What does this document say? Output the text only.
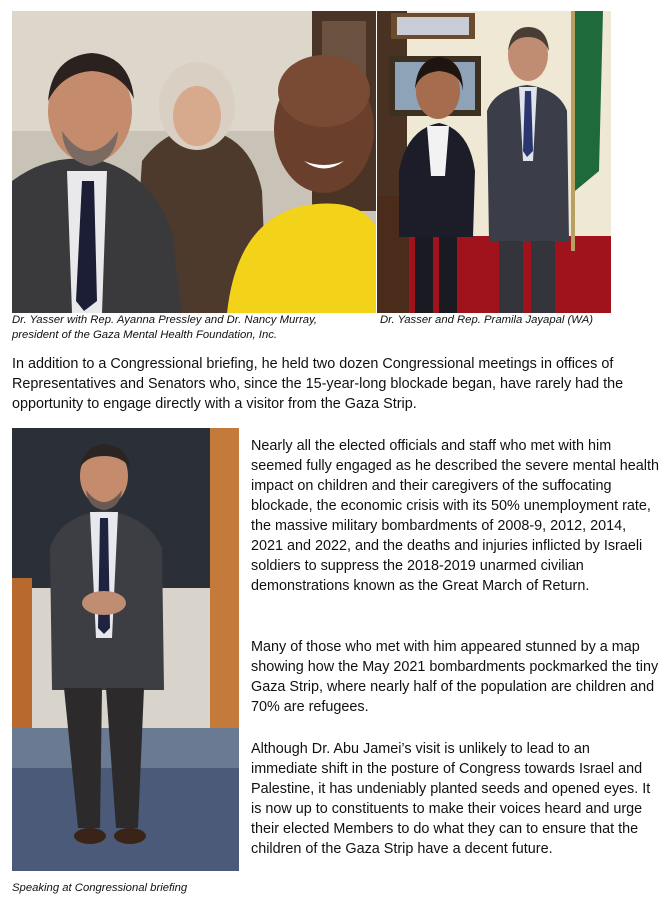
Dr. Yasser with Rep. Ayanna Pressley and Dr. Nancy Murray,
president of the Gaza Mental Health Foundation, Inc.
Dr. Yasser and Rep. Pramila Jayapal (WA)

In addition to a Congressional briefing, he held two dozen Congressional meetings in offices of Representatives and Senators who, since the 15-year-long blockade began, have rarely had the opportunity to engage directly with a visitor from the Gaza Strip.

Speaking at Congressional briefing

Nearly all the elected officials and staff who met with him seemed fully engaged as he described the severe mental health impact on children and their caregivers of the suffocating blockade, the economic crisis with its 50% unemployment rate, the massive military bombardments of 2008-9, 2012, 2014, 2021 and 2022, and the deaths and injuries inflicted by Israeli soldiers to suppress the 2018-2019 unarmed civilian demonstrations known as the Great March of Return.

Many of those who met with him appeared stunned by a map showing how the May 2021 bombardments pockmarked the tiny Gaza Strip, where nearly half of the population are children and 70% are refugees.

Although Dr. Abu Jamei’s visit is unlikely to lead to an immediate shift in the posture of Congress towards Israel and Palestine, it has undeniably planted seeds and opened eyes. It is now up to constituents to make their voices heard and urge their elected Members to do what they can to ensure that the children of the Gaza Strip have a decent future.
